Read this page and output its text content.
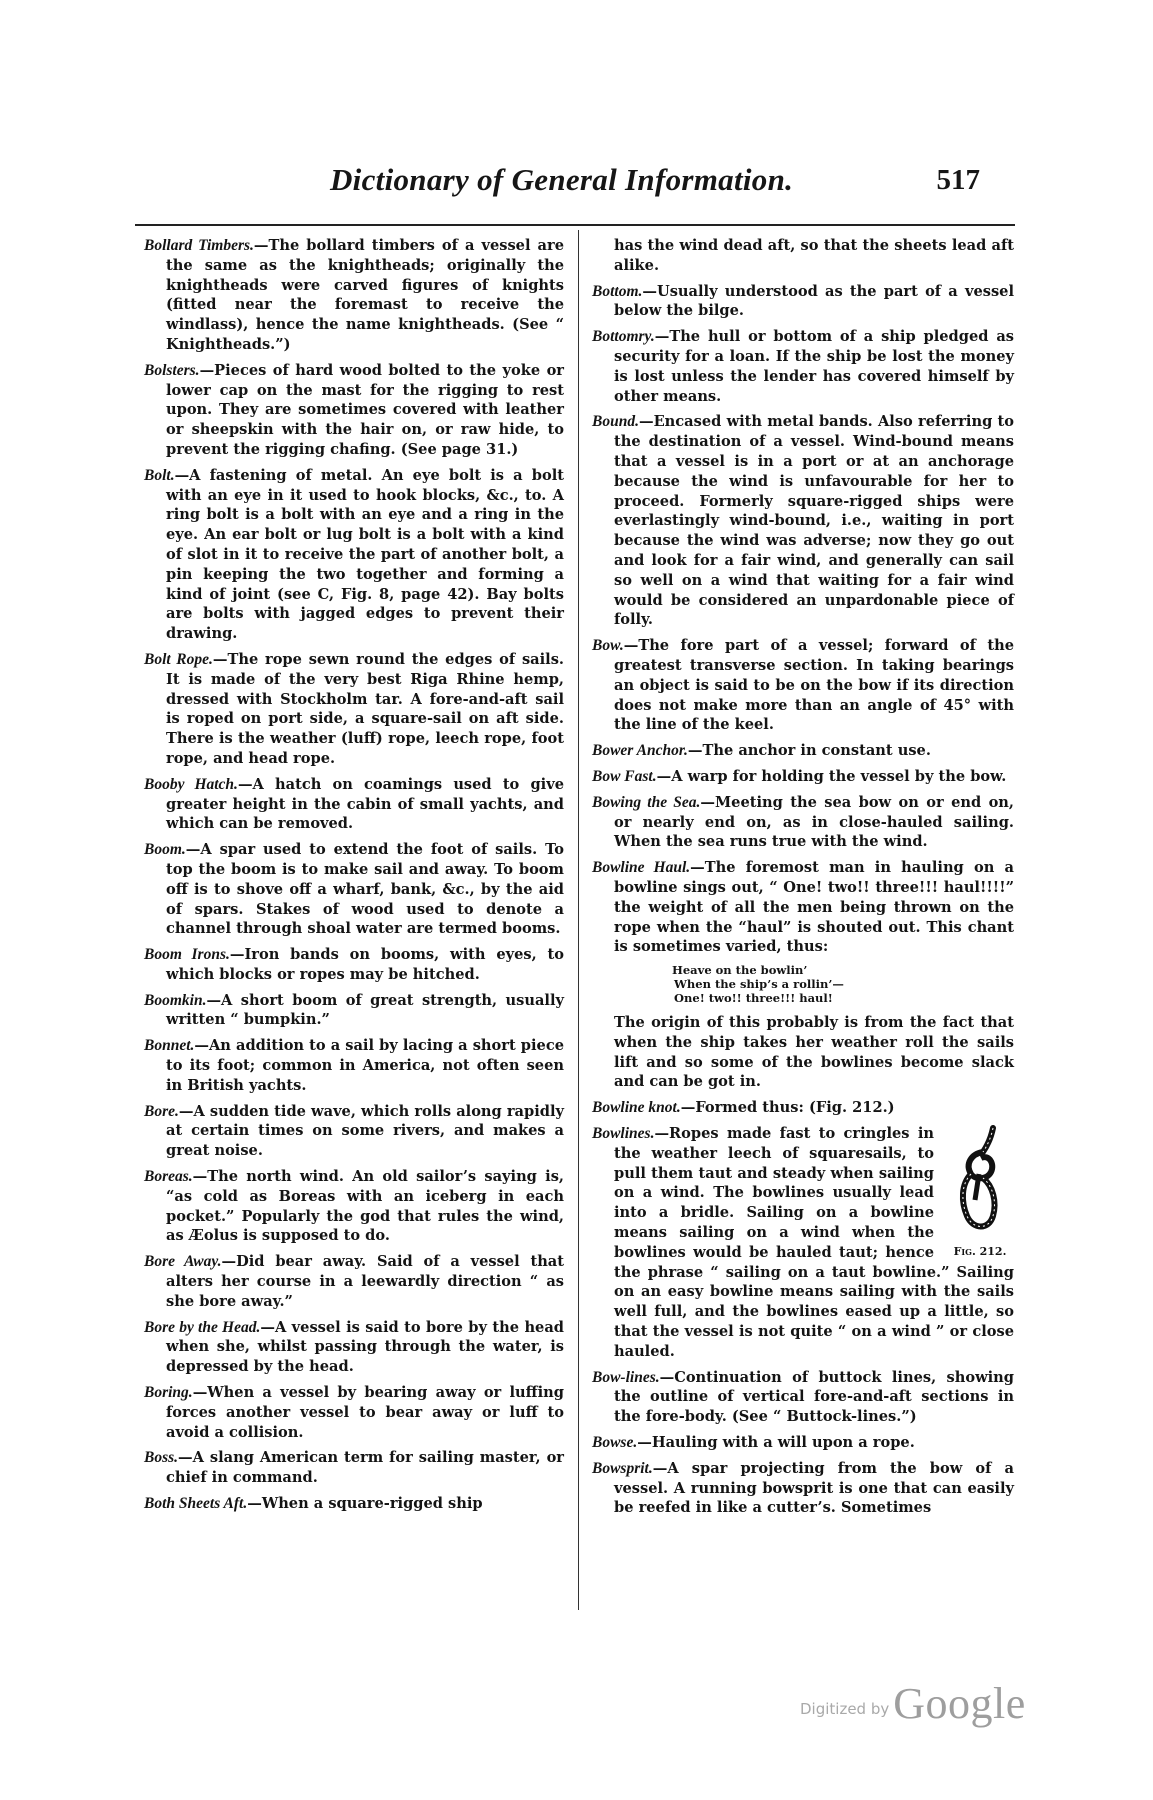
Dictionary of General Information.	517

Bollard Timbers.—The bollard timbers of a vessel are the same as the knightheads; originally the knightheads were carved figures of knights (fitted near the foremast to receive the windlass), hence the name knightheads. (See “ Knightheads.”)

Bolsters.—Pieces of hard wood bolted to the yoke or lower cap on the mast for the rigging to rest upon. They are sometimes covered with leather or sheepskin with the hair on, or raw hide, to prevent the rigging chafing. (See page 31.)

Bolt.—A fastening of metal. An eye bolt is a bolt with an eye in it used to hook blocks, &c., to. A ring bolt is a bolt with an eye and a ring in the eye. An ear bolt or lug bolt is a bolt with a kind of slot in it to receive the part of another bolt, a pin keeping the two together and forming a kind of joint (see C, Fig. 8, page 42). Bay bolts are bolts with jagged edges to prevent their drawing.

Bolt Rope.—The rope sewn round the edges of sails. It is made of the very best Riga Rhine hemp, dressed with Stockholm tar. A fore-and-aft sail is roped on port side, a square-sail on aft side. There is the weather (luff) rope, leech rope, foot rope, and head rope.

Booby Hatch.—A hatch on coamings used to give greater height in the cabin of small yachts, and which can be removed.

Boom.—A spar used to extend the foot of sails. To top the boom is to make sail and away. To boom off is to shove off a wharf, bank, &c., by the aid of spars. Stakes of wood used to denote a channel through shoal water are termed booms.

Boom Irons.—Iron bands on booms, with eyes, to which blocks or ropes may be hitched.

Boomkin.—A short boom of great strength, usually written “ bumpkin.”

Bonnet.—An addition to a sail by lacing a short piece to its foot; common in America, not often seen in British yachts.

Bore.—A sudden tide wave, which rolls along rapidly at certain times on some rivers, and makes a great noise.

Boreas.—The north wind. An old sailor’s saying is, “as cold as Boreas with an iceberg in each pocket.” Popularly the god that rules the wind, as Æolus is supposed to do.

Bore Away.—Did bear away. Said of a vessel that alters her course in a leewardly direction “ as she bore away.”

Bore by the Head.—A vessel is said to bore by the head when she, whilst passing through the water, is depressed by the head.

Boring.—When a vessel by bearing away or luffing forces another vessel to bear away or luff to avoid a collision.

Boss.—A slang American term for sailing master, or chief in command.

Both Sheets Aft.—When a square-rigged ship

has the wind dead aft, so that the sheets lead aft alike.

Bottom.—Usually understood as the part of a vessel below the bilge.

Bottomry.—The hull or bottom of a ship pledged as security for a loan. If the ship be lost the money is lost unless the lender has covered himself by other means.

Bound.—Encased with metal bands. Also referring to the destination of a vessel. Wind-bound means that a vessel is in a port or at an anchorage because the wind is unfavourable for her to proceed. Formerly square-rigged ships were everlastingly wind-bound, i.e., waiting in port because the wind was adverse; now they go out and look for a fair wind, and generally can sail so well on a wind that waiting for a fair wind would be considered an unpardonable piece of folly.

Bow.—The fore part of a vessel; forward of the greatest transverse section. In taking bearings an object is said to be on the bow if its direction does not make more than an angle of 45° with the line of the keel.

Bower Anchor.—The anchor in constant use.

Bow Fast.—A warp for holding the vessel by the bow.

Bowing the Sea.—Meeting the sea bow on or end on, or nearly end on, as in close-hauled sailing. When the sea runs true with the wind.

Bowline Haul.—The foremost man in hauling on a bowline sings out, “ One! two!! three!!! haul!!!!” the weight of all the men being thrown on the rope when the “haul” is shouted out. This chant is sometimes varied, thus:

Heave on the bowlin’
When the ship’s a rollin’—
One! two!! three!!! haul!

The origin of this probably is from the fact that when the ship takes her weather roll the sails lift and so some of the bowlines become slack and can be got in.

Bowline knot.—Formed thus: (Fig. 212.)

Fig. 212.

Bowlines.—Ropes made fast to cringles in the weather leech of squaresails, to pull them taut and steady when sailing on a wind. The bowlines usually lead into a bridle. Sailing on a bowline means sailing on a wind when the bowlines would be hauled taut; hence the phrase “ sailing on a taut bowline.” Sailing on an easy bowline means sailing with the sails well full, and the bowlines eased up a little, so that the vessel is not quite “ on a wind ” or close hauled.

Bow-lines.—Continuation of buttock lines, showing the outline of vertical fore-and-aft sections in the fore-body. (See “ Buttock-lines.”)

Bowse.—Hauling with a will upon a rope.

Bowsprit.—A spar projecting from the bow of a vessel. A running bowsprit is one that can easily be reefed in like a cutter’s. Sometimes

Digitized byGoogle
